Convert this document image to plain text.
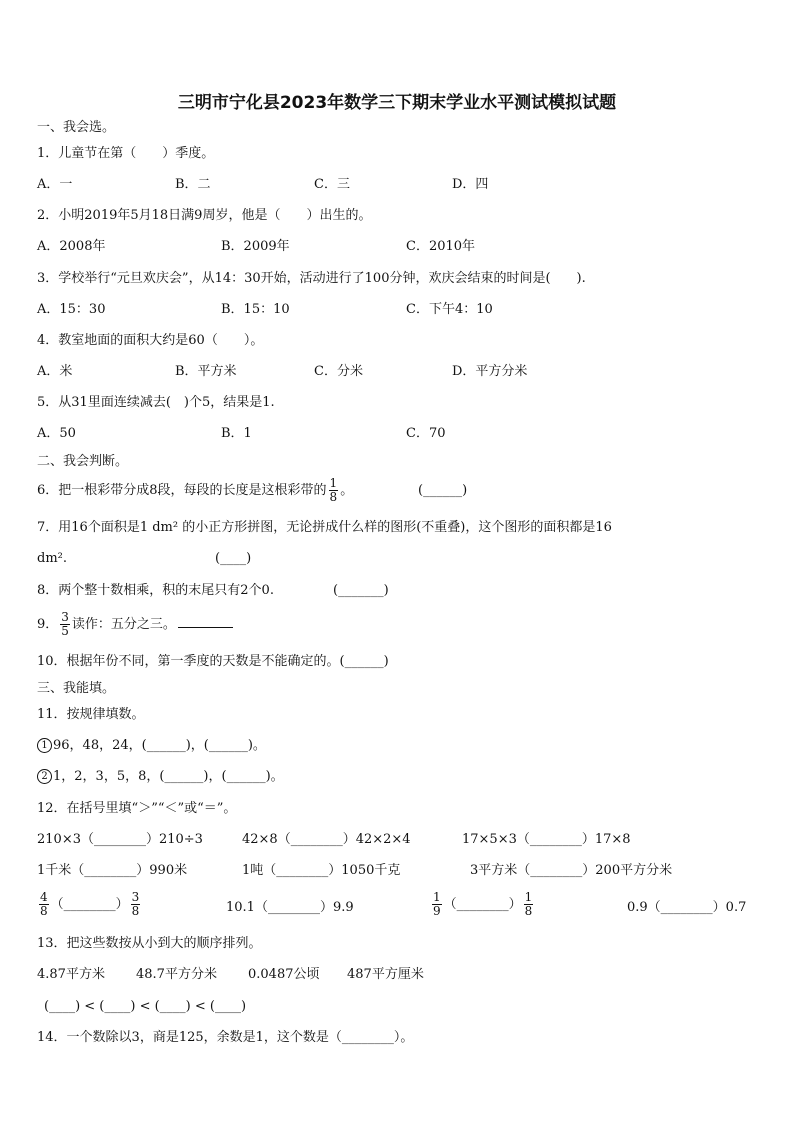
三明市宁化县2023年数学三下期末学业水平测试模拟试题
一、我会选。
1．儿童节在第（　　）季度。
A．一	B．二	C．三	D．四
2．小明2019年5月18日满9周岁，他是（　　）出生的。
A．2008年	B．2009年	C．2010年
3．学校举行“元旦欢庆会”，从14：30开始，活动进行了100分钟，欢庆会结束的时间是(　　).
A．15：30	B．15：10	C．下午4：10
4．教室地面的面积大约是60（　　）。
A．米	B．平方米	C．分米	D．平方分米
5．从31里面连续减去(　)个5，结果是1.
A．50	B．1	C．70
二、我会判断。
6．把一根彩带分成8段，每段的长度是这根彩带的 $\frac{1}{8}$ 。	(______)
7．用16个面积是1 dm² 的小正方形拼图，无论拼成什么样的图形(不重叠)，这个图形的面积都是16
dm².	(____)
8．两个整十数相乘，积的末尾只有2个0.	(_______)
9． $\frac{3}{5}$ 读作：五分之三。
10．根据年份不同，第一季度的天数是不能确定的。(______)
三、我能填。
11．按规律填数。
1 96，48，24，(______)，(______)。
2 1，2，3，5，8，(______)，(______)。
12．在括号里填“＞”“＜”或“＝”。
210×3（________）210÷3	42×8（________）42×2×4	17×5×3（________）17×8
1千米（________）990米	1吨（________）1050千克	3平方米（________）200平方分米
$\frac{4}{8}$ （________） $\frac{3}{8}$	10.1（________）9.9	$\frac{1}{9}$ （________） $\frac{1}{8}$	0.9（________）0.7
13．把这些数按从小到大的顺序排列。
4.87平方米 48.7平方分米 0.0487公顷 487平方厘米
(____) < (____) < (____) < (____)
14．一个数除以3，商是125，余数是1，这个数是（________）。
